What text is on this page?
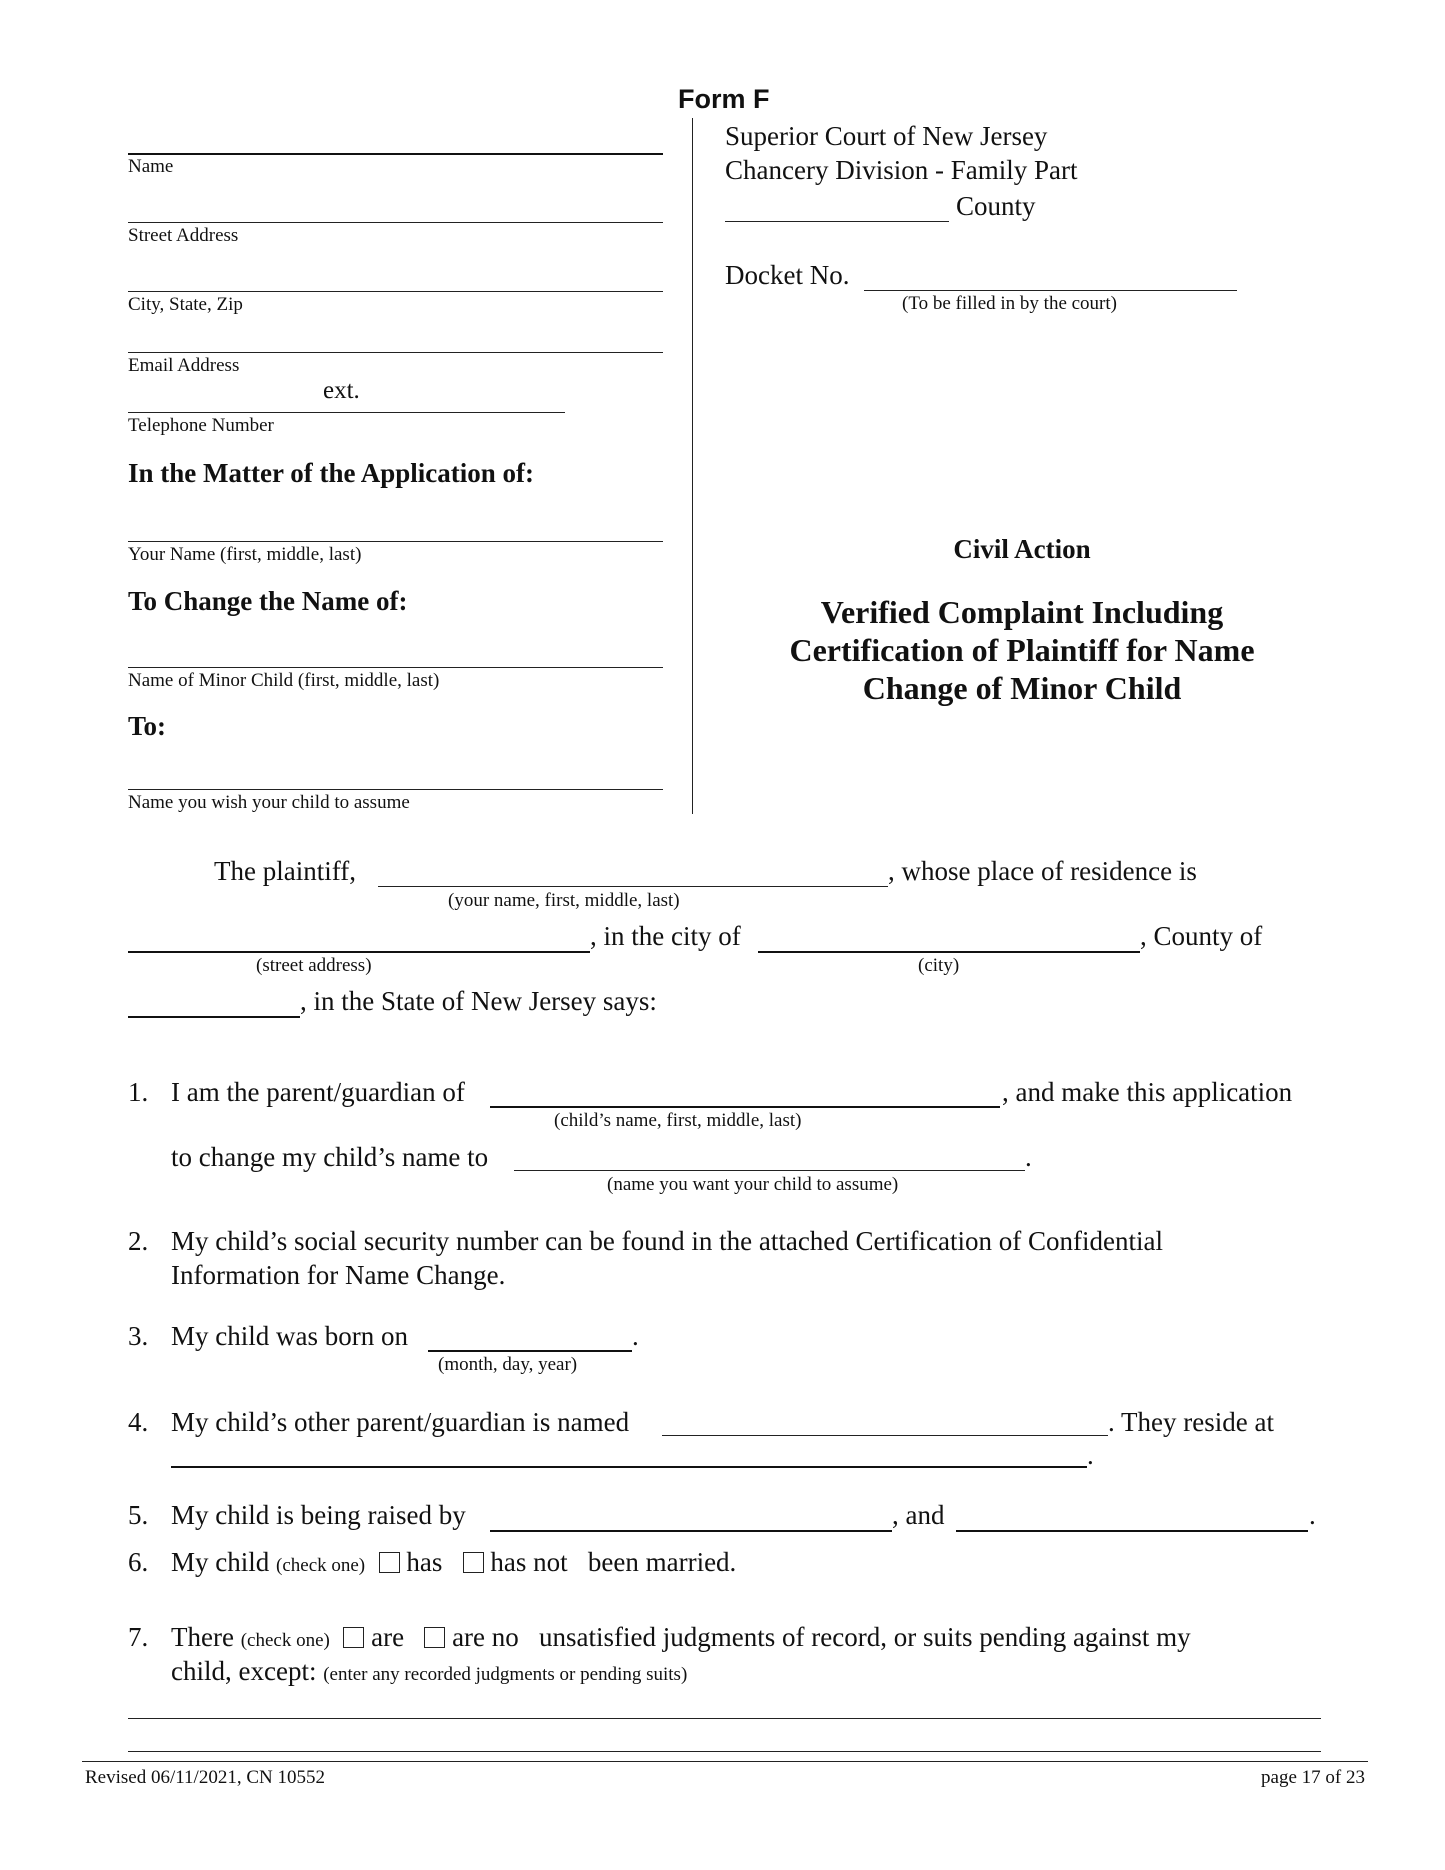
Form F
Name
Street Address
City, State, Zip
Email Address
ext.
Telephone Number
In the Matter of the Application of:
Your Name (first, middle, last)
To Change the Name of:
Name of Minor Child (first, middle, last)
To:
Name you wish your child to assume
Superior Court of New Jersey
Chancery Division - Family Part
County
Docket No.
(To be filled in by the court)
Civil Action
Verified Complaint Including
Certification of Plaintiff for Name
Change of Minor Child
The plaintiff,	, whose place of residence is
(your name, first, middle, last)
, in the city of	, County of
(street address)	(city)
, in the State of New Jersey says:
1. I am the parent/guardian of	, and make this application
(child’s name, first, middle, last)
to change my child’s name to	.
(name you want your child to assume)
2. My child’s social security number can be found in the attached Certification of Confidential
Information for Name Change.
3. My child was born on	.
(month, day, year)
4. My child’s other parent/guardian is named	. They reside at
.
5. My child is being raised by	, and	.
6. My child (check one) has has not been married.
7. There (check one) are are no unsatisfied judgments of record, or suits pending against my
child, except: (enter any recorded judgments or pending suits)
Revised 06/11/2021, CN 10552	page 17 of 23
